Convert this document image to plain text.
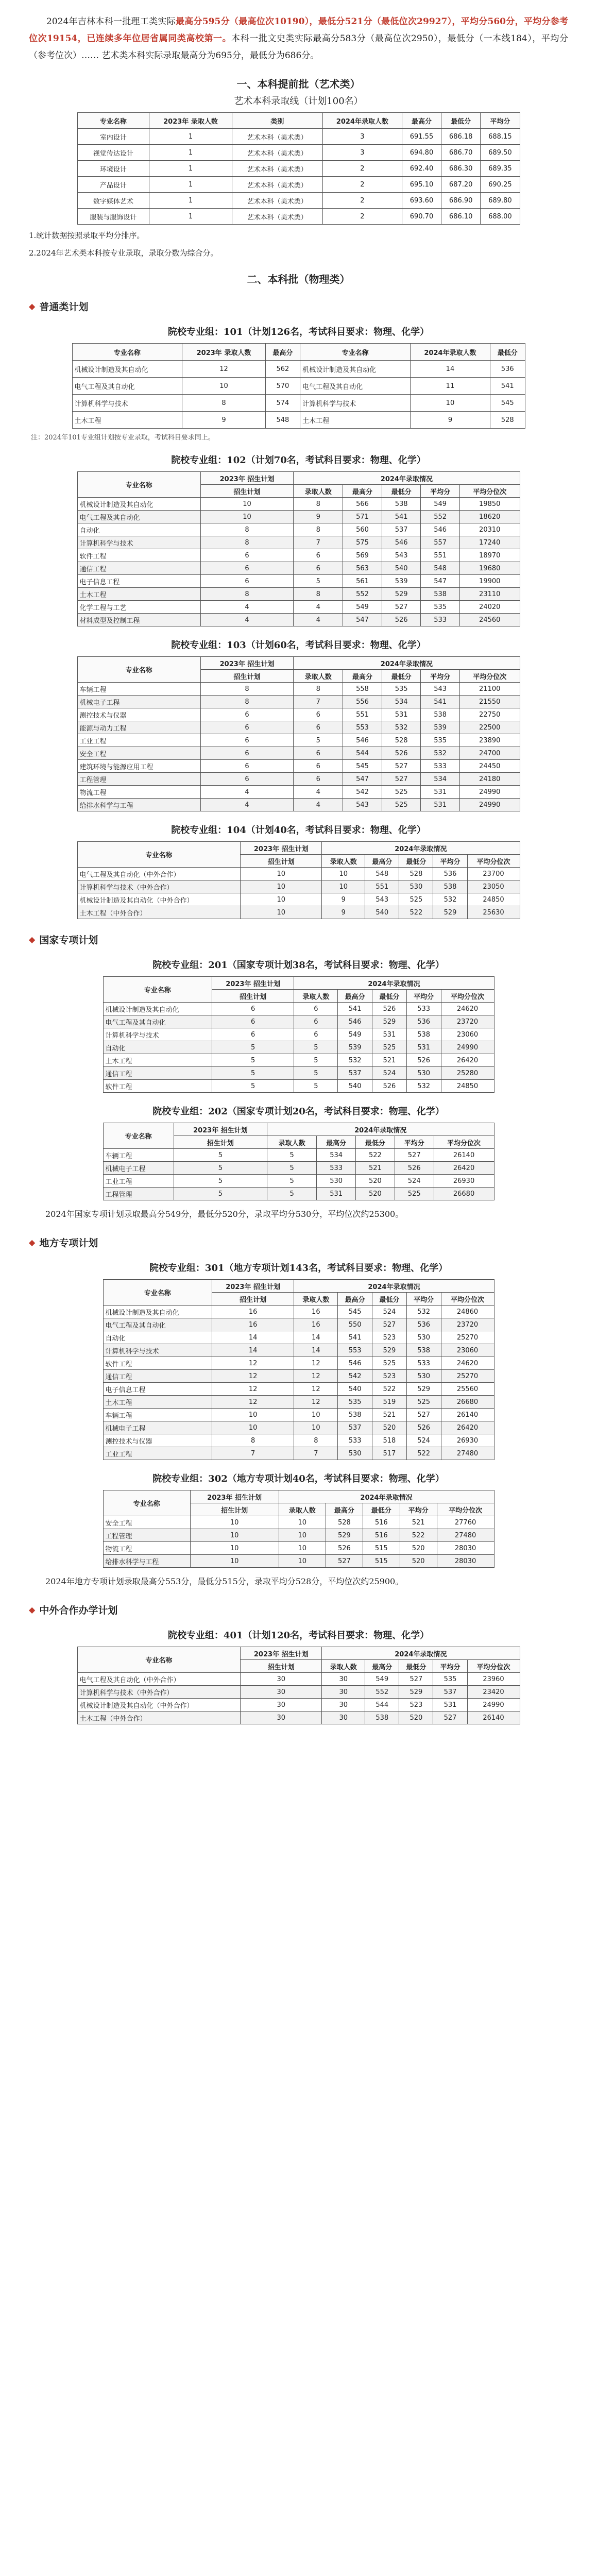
2024年吉林本科一批理工类实际最高分595分（最高位次10190），最低分521分（最低位次29927），平均分560分，平均分参考位次19154，已连续多年位居省属同类高校第一。本科一批文史类实际最高分583分（最高位次2950），最低分（一本线184），平均分（参考位次）…… 艺术类本科实际录取最高分为695分，最低分为686分。

一、本科提前批（艺术类）
艺术本科录取线（计划100名）
专业名称	2023年 录取人数	类别	2024年录取人数	最高分	最低分	平均分
室内设计	1	艺术本科（美术类）	3	691.55	686.18	688.15
视觉传达设计	1	艺术本科（美术类）	3	694.80	686.70	689.50
环境设计	1	艺术本科（美术类）	2	692.40	686.30	689.35
产品设计	1	艺术本科（美术类）	2	695.10	687.20	690.25
数字媒体艺术	1	艺术本科（美术类）	2	693.60	686.90	689.80
服装与服饰设计	1	艺术本科（美术类）	2	690.70	686.10	688.00

1.统计数据按照录取平均分排序。

2.2024年艺术类本科按专业录取，录取分数为综合分。

二、本科批（物理类）
◆ 普通类计划
院校专业组：101（计划126名，考试科目要求：物理、化学）
专业名称	2023年 录取人数	最高分	专业名称	2024年录取人数	最低分
机械设计制造及其自动化	12	562	机械设计制造及其自动化	14	536
电气工程及其自动化	10	570	电气工程及其自动化	11	541
计算机科学与技术	8	574	计算机科学与技术	10	545
土木工程	9	548	土木工程	9	528

注：2024年101专业组计划按专业录取，考试科目要求同上。

院校专业组：102（计划70名，考试科目要求：物理、化学）
专业名称	2023年 招生计划	2024年录取情况				
	招生计划	录取人数	最高分	最低分	平均分	平均分位次
机械设计制造及其自动化	10	8	566	538	549	19850
电气工程及其自动化	10	9	571	541	552	18620
自动化	8	8	560	537	546	20310
计算机科学与技术	8	7	575	546	557	17240
软件工程	6	6	569	543	551	18970
通信工程	6	6	563	540	548	19680
电子信息工程	6	5	561	539	547	19900
土木工程	8	8	552	529	538	23110
化学工程与工艺	4	4	549	527	535	24020
材料成型及控制工程	4	4	547	526	533	24560
院校专业组：103（计划60名，考试科目要求：物理、化学）
专业名称	2023年 招生计划	2024年录取情况				
	招生计划	录取人数	最高分	最低分	平均分	平均分位次
车辆工程	8	8	558	535	543	21100
机械电子工程	8	7	556	534	541	21550
测控技术与仪器	6	6	551	531	538	22750
能源与动力工程	6	6	553	532	539	22500
工业工程	6	5	546	528	535	23890
安全工程	6	6	544	526	532	24700
建筑环境与能源应用工程	6	6	545	527	533	24450
工程管理	6	6	547	527	534	24180
物流工程	4	4	542	525	531	24990
给排水科学与工程	4	4	543	525	531	24990
院校专业组：104（计划40名，考试科目要求：物理、化学）
专业名称	2023年 招生计划	2024年录取情况				
	招生计划	录取人数	最高分	最低分	平均分	平均分位次
电气工程及其自动化（中外合作）	10	10	548	528	536	23700
计算机科学与技术（中外合作）	10	10	551	530	538	23050
机械设计制造及其自动化（中外合作）	10	9	543	525	532	24850
土木工程（中外合作）	10	9	540	522	529	25630
◆ 国家专项计划
院校专业组：201（国家专项计划38名，考试科目要求：物理、化学）
专业名称	2023年 招生计划	2024年录取情况				
	招生计划	录取人数	最高分	最低分	平均分	平均分位次
机械设计制造及其自动化	6	6	541	526	533	24620
电气工程及其自动化	6	6	546	529	536	23720
计算机科学与技术	6	6	549	531	538	23060
自动化	5	5	539	525	531	24990
土木工程	5	5	532	521	526	26420
通信工程	5	5	537	524	530	25280
软件工程	5	5	540	526	532	24850
院校专业组：202（国家专项计划20名，考试科目要求：物理、化学）
专业名称	2023年 招生计划	2024年录取情况				
	招生计划	录取人数	最高分	最低分	平均分	平均分位次
车辆工程	5	5	534	522	527	26140
机械电子工程	5	5	533	521	526	26420
工业工程	5	5	530	520	524	26930
工程管理	5	5	531	520	525	26680

2024年国家专项计划录取最高分549分，最低分520分，录取平均分530分，平均位次约25300。

◆ 地方专项计划
院校专业组：301（地方专项计划143名，考试科目要求：物理、化学）
专业名称	2023年 招生计划	2024年录取情况				
	招生计划	录取人数	最高分	最低分	平均分	平均分位次
机械设计制造及其自动化	16	16	545	524	532	24860
电气工程及其自动化	16	16	550	527	536	23720
自动化	14	14	541	523	530	25270
计算机科学与技术	14	14	553	529	538	23060
软件工程	12	12	546	525	533	24620
通信工程	12	12	542	523	530	25270
电子信息工程	12	12	540	522	529	25560
土木工程	12	12	535	519	525	26680
车辆工程	10	10	538	521	527	26140
机械电子工程	10	10	537	520	526	26420
测控技术与仪器	8	8	533	518	524	26930
工业工程	7	7	530	517	522	27480
院校专业组：302（地方专项计划40名，考试科目要求：物理、化学）
专业名称	2023年 招生计划	2024年录取情况				
	招生计划	录取人数	最高分	最低分	平均分	平均分位次
安全工程	10	10	528	516	521	27760
工程管理	10	10	529	516	522	27480
物流工程	10	10	526	515	520	28030
给排水科学与工程	10	10	527	515	520	28030

2024年地方专项计划录取最高分553分，最低分515分，录取平均分528分，平均位次约25900。

◆ 中外合作办学计划
院校专业组：401（计划120名，考试科目要求：物理、化学）
专业名称	2023年 招生计划	2024年录取情况				
	招生计划	录取人数	最高分	最低分	平均分	平均分位次
电气工程及其自动化（中外合作）	30	30	549	527	535	23960
计算机科学与技术（中外合作）	30	30	552	529	537	23420
机械设计制造及其自动化（中外合作）	30	30	544	523	531	24990
土木工程（中外合作）	30	30	538	520	527	26140
